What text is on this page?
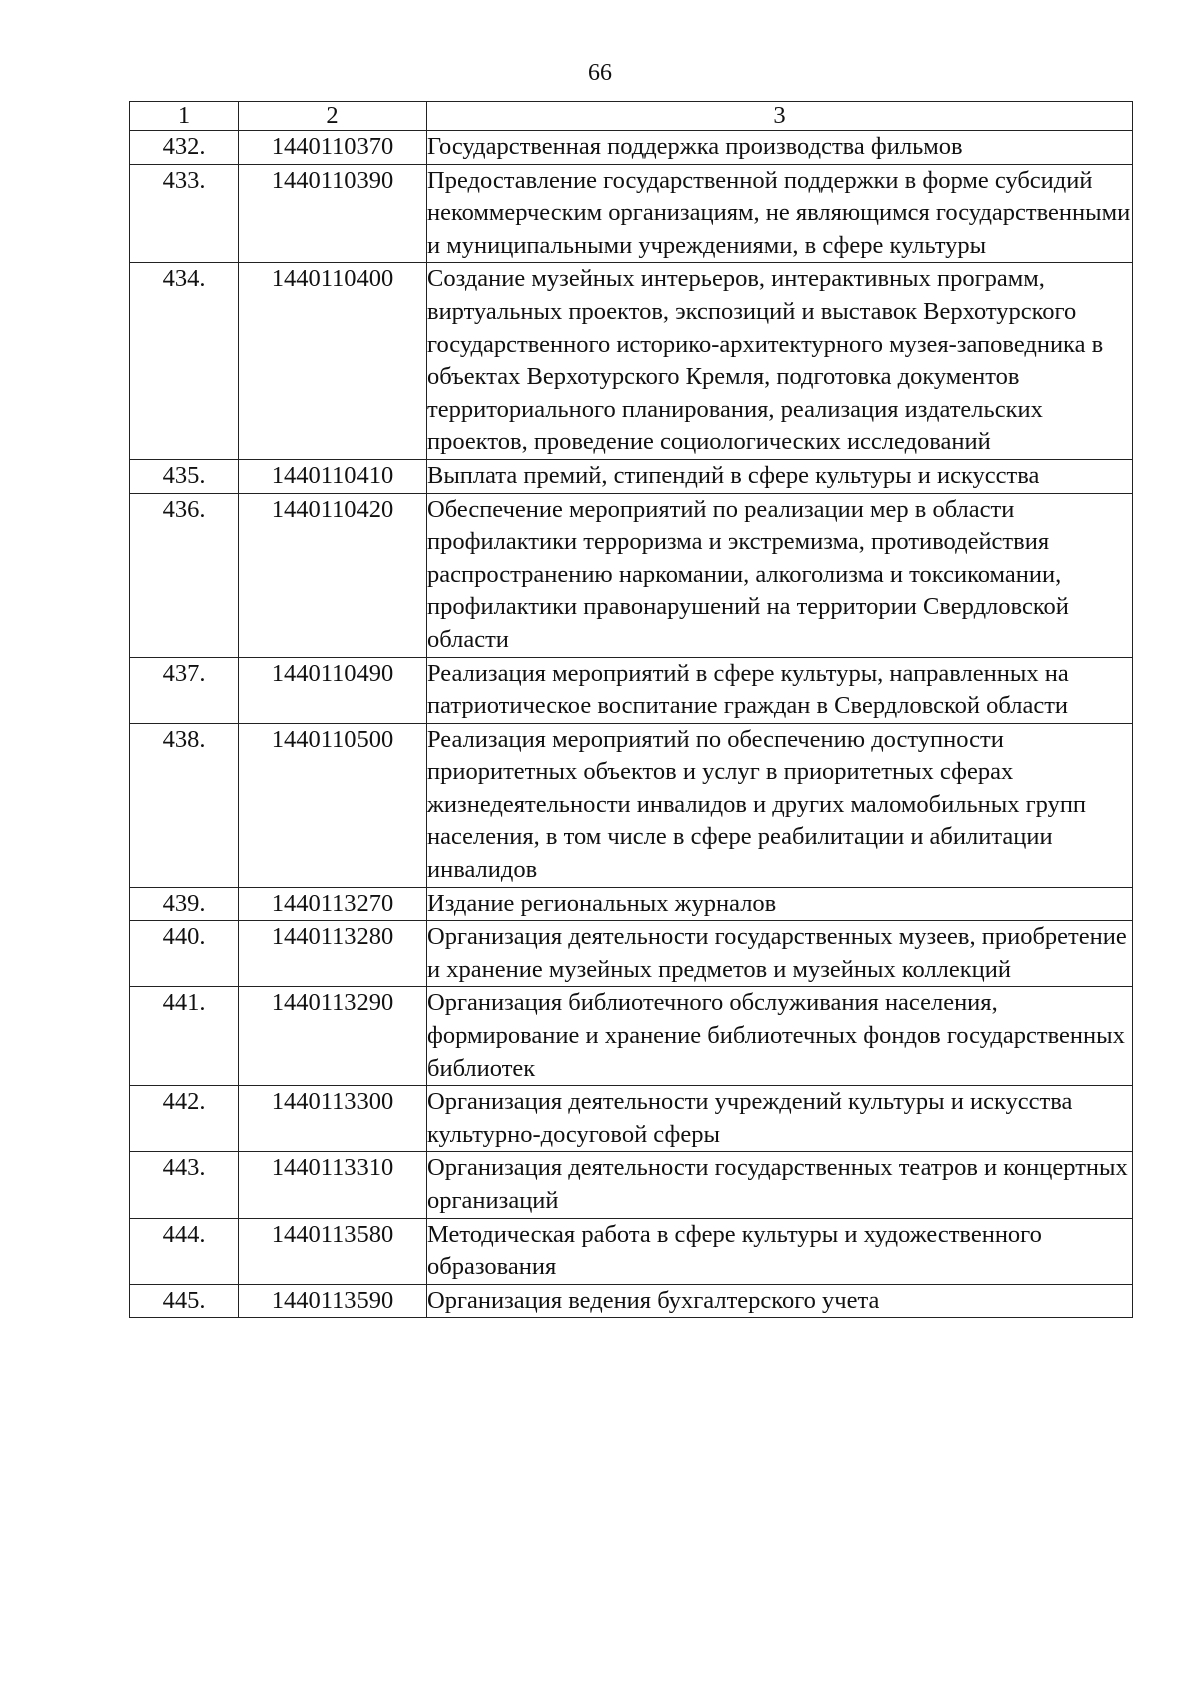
66
1	2	3
432.	1440110370	Государственная поддержка производства фильмов
433.	1440110390	Предоставление государственной поддержки в форме субсидий некоммерческим организациям, не являющимся государственными и муниципальными учреждениями, в сфере культуры
434.	1440110400	Создание музейных интерьеров, интерактивных программ, виртуальных проектов, экспозиций и выставок Верхотурского государственного историко-архитектурного музея-заповедника в объектах Верхотурского Кремля, подготовка документов территориального планирования, реализация издательских проектов, проведение социологических исследований
435.	1440110410	Выплата премий, стипендий в сфере культуры и искусства
436.	1440110420	Обеспечение мероприятий по реализации мер в области профилактики терроризма и экстремизма, противодействия распространению наркомании, алкоголизма и токсикомании, профилактики правонарушений на территории Свердловской области
437.	1440110490	Реализация мероприятий в сфере культуры, направленных на патриотическое воспитание граждан в Свердловской области
438.	1440110500	Реализация мероприятий по обеспечению доступности приоритетных объектов и услуг в приоритетных сферах жизнедеятельности инвалидов и других маломобильных групп населения, в том числе в сфере реабилитации и абилитации инвалидов
439.	1440113270	Издание региональных журналов
440.	1440113280	Организация деятельности государственных музеев, приобретение и хранение музейных предметов и музейных коллекций
441.	1440113290	Организация библиотечного обслуживания населения, формирование и хранение библиотечных фондов государственных библиотек
442.	1440113300	Организация деятельности учреждений культуры и искусства культурно-досуговой сферы
443.	1440113310	Организация деятельности государственных театров и концертных организаций
444.	1440113580	Методическая работа в сфере культуры и художественного образования
445.	1440113590	Организация ведения бухгалтерского учета
